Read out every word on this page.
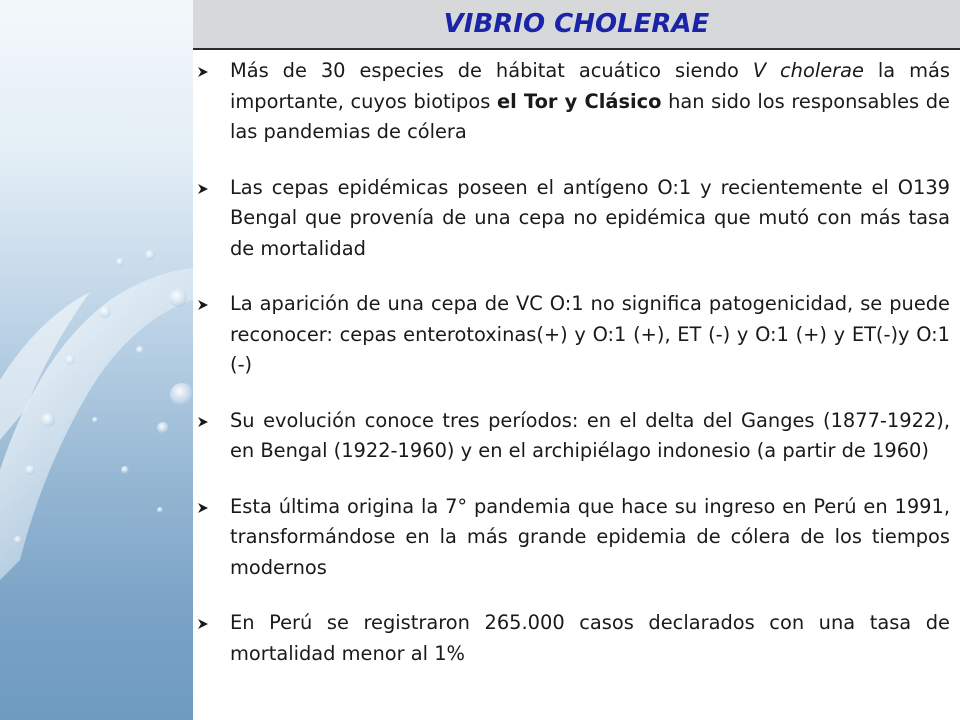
VIBRIO CHOLERAE
Más de 30 especies de hábitat acuático siendo V cholerae la más importante, cuyos biotipos el Tor y Clásico han sido los responsables de las pandemias de cólera
Las cepas epidémicas poseen el antígeno O:1 y recientemente el O139 Bengal que provenía de una cepa no epidémica que mutó con más tasa de mortalidad
La aparición de una cepa de VC O:1 no significa patogenicidad, se puede reconocer: cepas enterotoxinas(+) y O:1 (+), ET (-) y O:1 (+) y ET(-)y O:1 (-)
Su evolución conoce tres períodos: en el delta del Ganges (1877-1922), en Bengal (1922-1960) y en el archipiélago indonesio (a partir de 1960)
Esta última origina la 7° pandemia que hace su ingreso en Perú en 1991, transformándose en la más grande epidemia de cólera de los tiempos modernos
En Perú se registraron 265.000 casos declarados con una tasa de mortalidad menor al 1%
